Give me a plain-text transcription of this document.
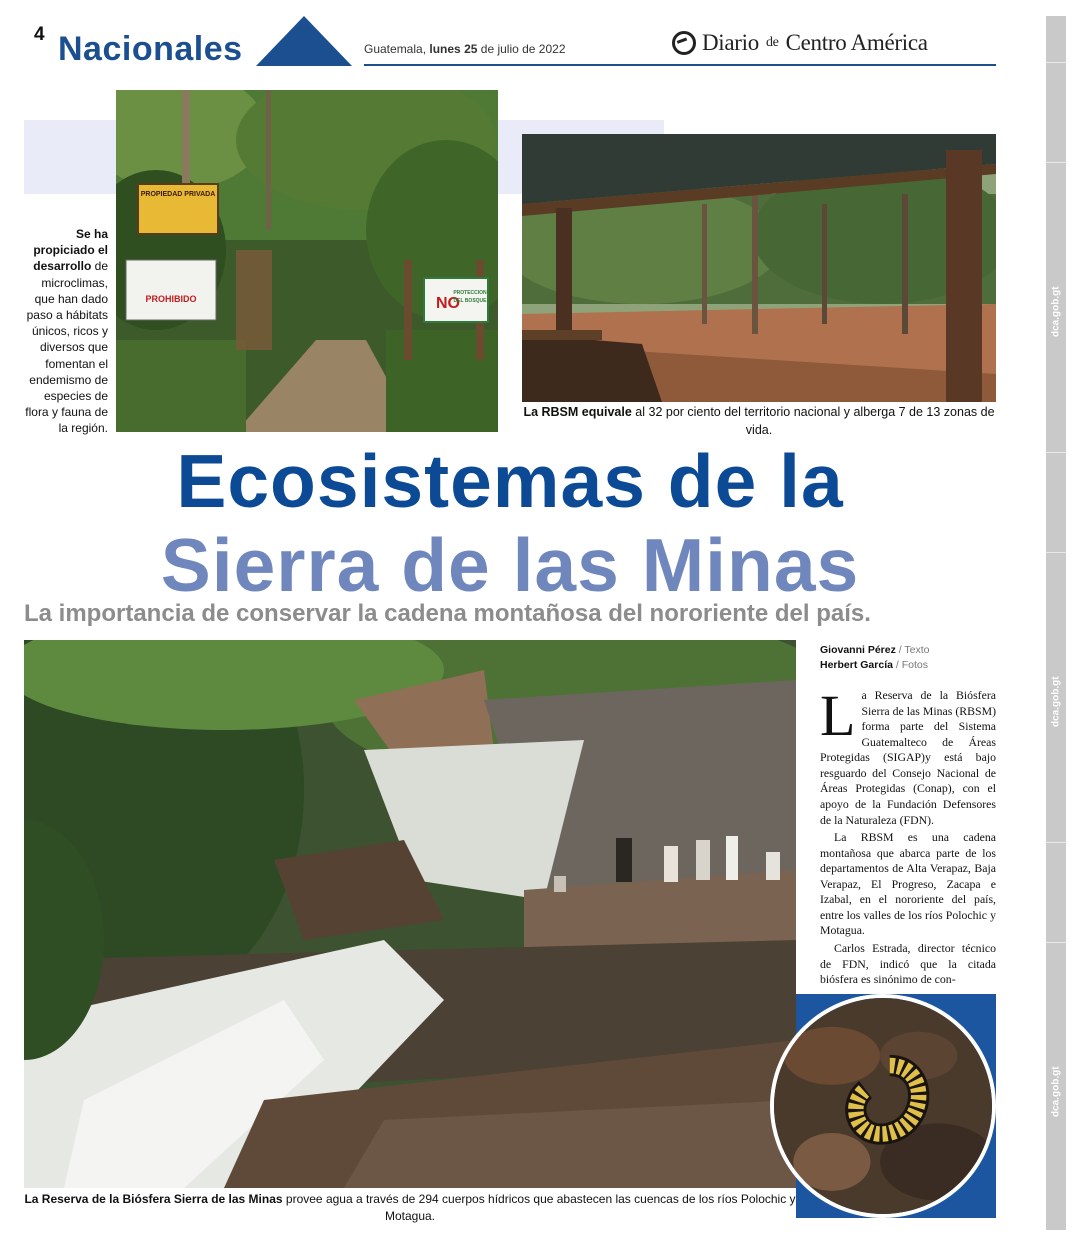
4 Nacionales	Guatemala, lunes 25 de julio de 2022	Diario de Centro América
dca.gob.gt
dca.gob.gt
dca.gob.gt
PROPIEDAD PRIVADA
PROHIBIDO	NO
PROTECCION
DEL BOSQUE
Se ha propiciado el desarrollo de microclimas, que han dado paso a hábitats únicos, ricos y diversos que fomentan el endemismo de especies de flora y fauna de la región.
La RBSM equivale al 32 por ciento del territorio nacional y alberga 7 de 13 zonas de vida.
Ecosistemas de la
Sierra de las Minas
La importancia de conservar la cadena montañosa del nororiente del país.
Giovanni Pérez / Texto
Herbert García / Fotos

La Reserva de la Biósfera Sierra de las Minas (RBSM) forma parte del Sistema Guatemalteco de Áreas Protegidas (SIGAP)y está bajo resguardo del Consejo Nacional de Áreas Protegidas (Conap), con el apoyo de la Fundación Defensores de la Naturaleza (FDN).

La RBSM es una cadena montañosa que abarca parte de los departamentos de Alta Verapaz, Baja Verapaz, El Progreso, Zacapa e Izabal, en el nororiente del país, entre los valles de los ríos Polochic y Motagua.

Carlos Estrada, director técnico de FDN, indicó que la citada biósfera es sinónimo de con-

La Reserva de la Biósfera Sierra de las Minas provee agua a través de 294 cuerpos hídricos que abastecen las cuencas de los ríos Polochic y Motagua.
